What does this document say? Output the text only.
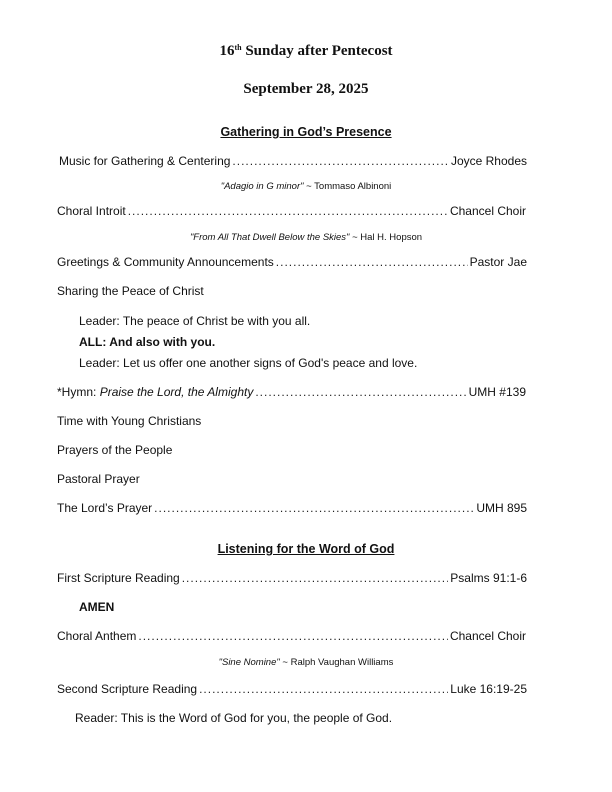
16th Sunday after Pentecost
September 28, 2025
Gathering in God’s Presence
Music for Gathering & Centering .....	Joyce Rhodes
"Adagio in G minor" ~ Tommaso Albinoni
Choral Introit .....	Chancel Choir
"From All That Dwell Below the Skies" ~ Hal H. Hopson
Greetings & Community Announcements .....	Pastor Jae
Sharing the Peace of Christ
Leader: The peace of Christ be with you all.
ALL: And also with you.
Leader: Let us offer one another signs of God's peace and love.
*Hymn: Praise the Lord, the Almighty .....	UMH #139
Time with Young Christians
Prayers of the People
Pastoral Prayer
The Lord’s Prayer .....	UMH 895
Listening for the Word of God
First Scripture Reading .....	Psalms 91:1-6
AMEN
Choral Anthem .....	Chancel Choir
"Sine Nomine" ~ Ralph Vaughan Williams
Second Scripture Reading .....	Luke 16:19-25
Reader: This is the Word of God for you, the people of God.
